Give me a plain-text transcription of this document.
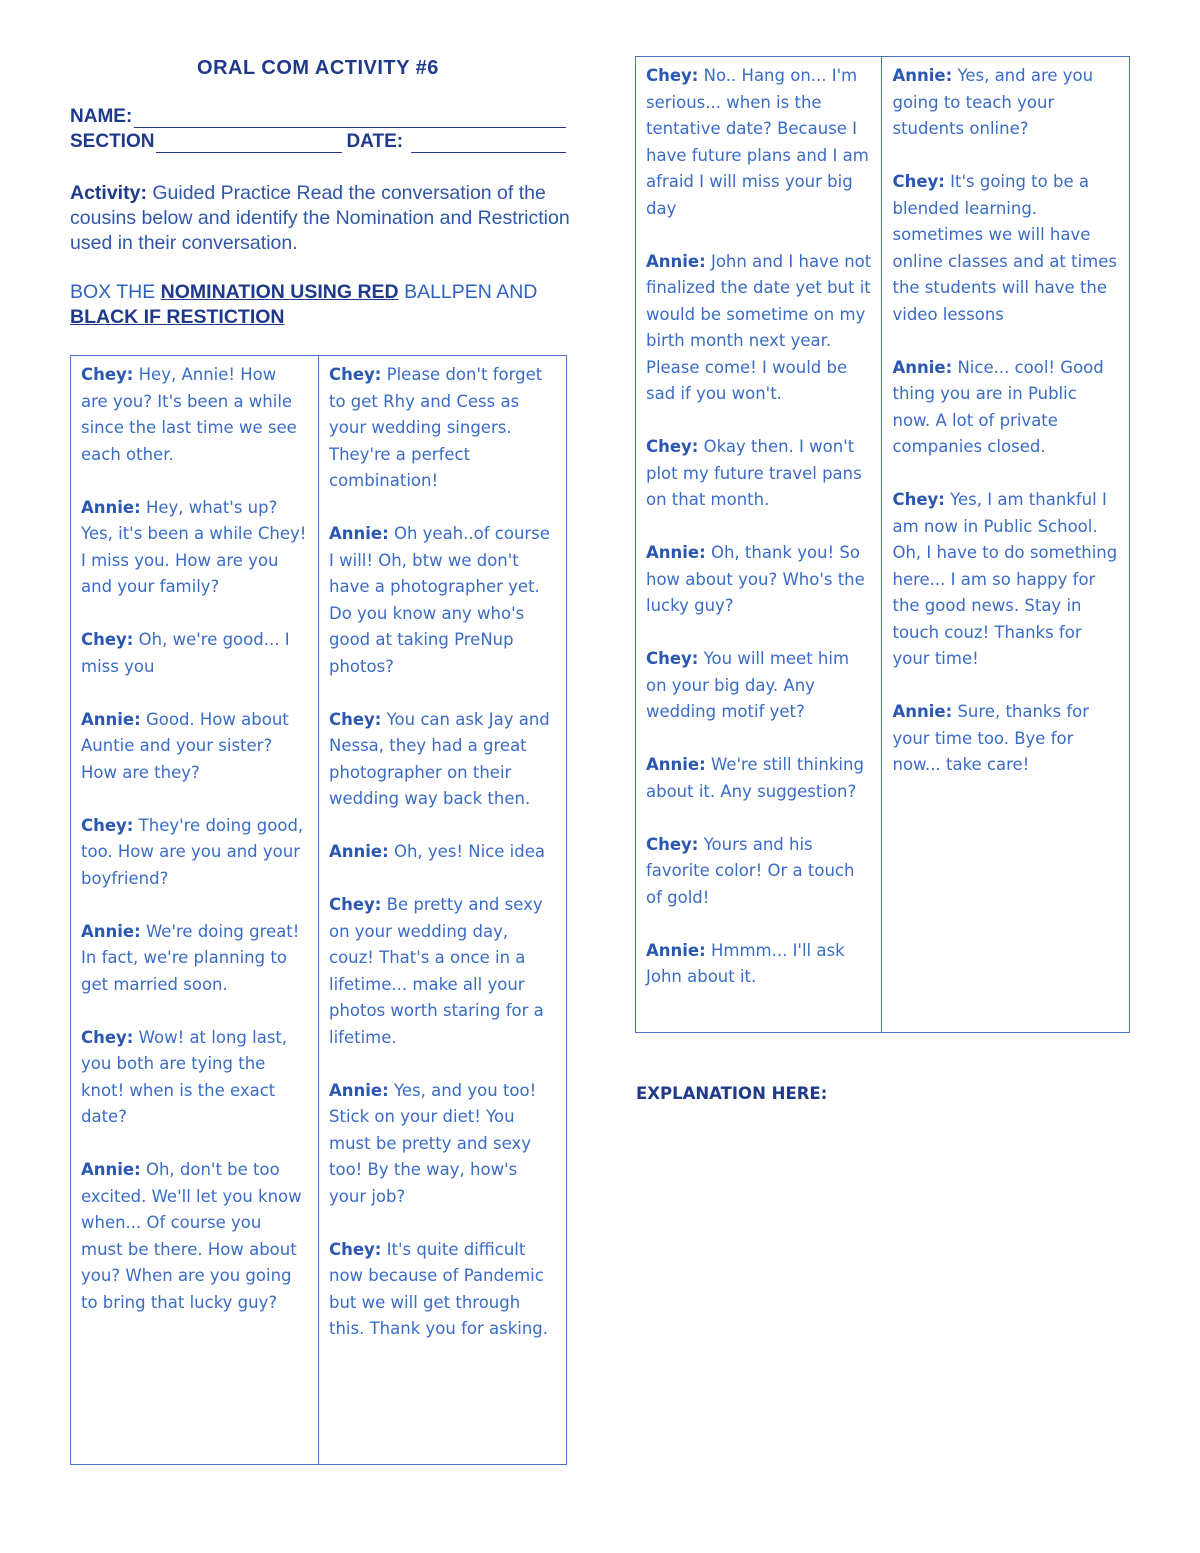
ORAL COM ACTIVITY #6
NAME:
SECTION	DATE:
Activity: Guided Practice Read the conversation of the cousins below and identify the Nomination and Restriction used in their conversation.
BOX THE NOMINATION USING RED BALLPEN AND BLACK IF RESTICTION
Chey: Hey, Annie! How are you? It's been a while since the last time we see each other.
Annie: Hey, what's up? Yes, it's been a while Chey! I miss you. How are you and your family?
Chey: Oh, we're good... I miss you
Annie: Good. How about Auntie and your sister? How are they?
Chey: They're doing good, too. How are you and your boyfriend?
Annie: We're doing great! In fact, we're planning to get married soon.
Chey: Wow! at long last, you both are tying the knot! when is the exact date?
Annie: Oh, don't be too excited. We'll let you know when... Of course you must be there. How about you? When are you going to bring that lucky guy?

Chey: Please don't forget to get Rhy and Cess as your wedding singers. They're a perfect combination!
Annie: Oh yeah..of course I will! Oh, btw we don't have a photographer yet. Do you know any who's good at taking PreNup photos?
Chey: You can ask Jay and Nessa, they had a great photographer on their wedding way back then.
Annie: Oh, yes! Nice idea
Chey: Be pretty and sexy on your wedding day, couz! That's a once in a lifetime... make all your photos worth staring for a lifetime.
Annie: Yes, and you too! Stick on your diet! You must be pretty and sexy too! By the way, how's your job?
Chey: It's quite difficult now because of Pandemic but we will get through this. Thank you for asking.
Chey: No.. Hang on... I'm serious... when is the tentative date? Because I have future plans and I am afraid I will miss your big day
Annie: John and I have not finalized the date yet but it would be sometime on my birth month next year. Please come! I would be sad if you won't.
Chey: Okay then. I won't plot my future travel pans on that month.
Annie: Oh, thank you! So how about you? Who's the lucky guy?
Chey: You will meet him on your big day. Any wedding motif yet?
Annie: We're still thinking about it. Any suggestion?
Chey: Yours and his favorite color! Or a touch of gold!
Annie: Hmmm... I'll ask John about it.

Annie: Yes, and are you going to teach your students online?
Chey: It's going to be a blended learning. sometimes we will have online classes and at times the students will have the video lessons
Annie: Nice... cool! Good thing you are in Public now. A lot of private companies closed.
Chey: Yes, I am thankful I am now in Public School. Oh, I have to do something here... I am so happy for the good news. Stay in touch couz! Thanks for your time!
Annie: Sure, thanks for your time too. Bye for now... take care!
EXPLANATION HERE:
